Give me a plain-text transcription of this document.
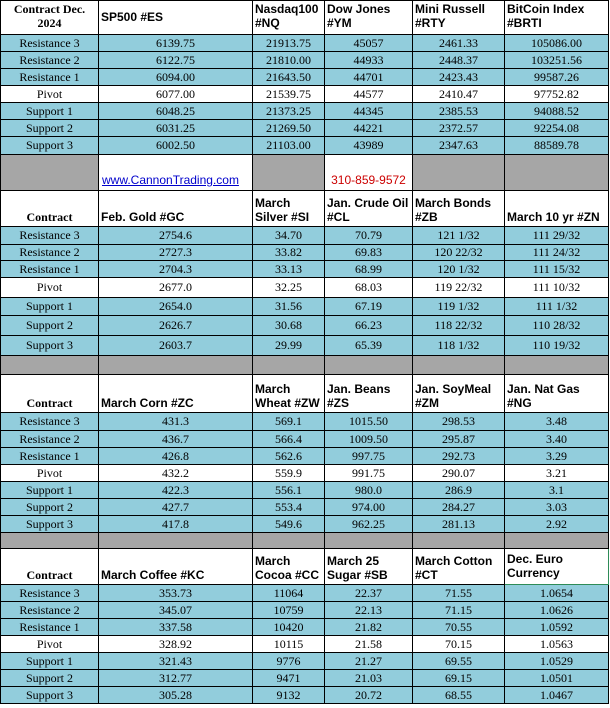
Contract Dec. 2024	SP500 #ES	Nasdaq100 #NQ	Dow Jones #YM	Mini Russell #RTY	BitCoin Index #BRTI
Resistance 3	6139.75	21913.75	45057	2461.33	105086.00
Resistance 2	6122.75	21810.00	44933	2448.37	103251.56
Resistance 1	6094.00	21643.50	44701	2423.43	99587.26
Pivot	6077.00	21539.75	44577	2410.47	97752.82
Support 1	6048.25	21373.25	44345	2385.53	94088.52
Support 2	6031.25	21269.50	44221	2372.57	92254.08
Support 3	6002.50	21103.00	43989	2347.63	88589.78
	www.CannonTrading.com		310-859-9572		
Contract	Feb. Gold #GC	March Silver #SI	Jan. Crude Oil #CL	March Bonds #ZB	March 10 yr #ZN
Resistance 3	2754.6	34.70	70.79	121 1/32	111 29/32
Resistance 2	2727.3	33.82	69.83	120 22/32	111 24/32
Resistance 1	2704.3	33.13	68.99	120 1/32	111 15/32
Pivot	2677.0	32.25	68.03	119 22/32	111 10/32
Support 1	2654.0	31.56	67.19	119 1/32	111 1/32
Support 2	2626.7	30.68	66.23	118 22/32	110 28/32
Support 3	2603.7	29.99	65.39	118 1/32	110 19/32

Contract	March Corn #ZC	March Wheat #ZW	Jan. Beans #ZS	Jan. SoyMeal #ZM	Jan. Nat Gas #NG
Resistance 3	431.3	569.1	1015.50	298.53	3.48
Resistance 2	436.7	566.4	1009.50	295.87	3.40
Resistance 1	426.8	562.6	997.75	292.73	3.29
Pivot	432.2	559.9	991.75	290.07	3.21
Support 1	422.3	556.1	980.0	286.9	3.1
Support 2	427.7	553.4	974.00	284.27	3.03
Support 3	417.8	549.6	962.25	281.13	2.92

Contract	March Coffee #KC	March Cocoa #CC	March 25 Sugar #SB	March Cotton #CT	Dec. Euro Currency
Resistance 3	353.73	11064	22.37	71.55	1.0654
Resistance 2	345.07	10759	22.13	71.15	1.0626
Resistance 1	337.58	10420	21.82	70.55	1.0592
Pivot	328.92	10115	21.58	70.15	1.0563
Support 1	321.43	9776	21.27	69.55	1.0529
Support 2	312.77	9471	21.03	69.15	1.0501
Support 3	305.28	9132	20.72	68.55	1.0467
